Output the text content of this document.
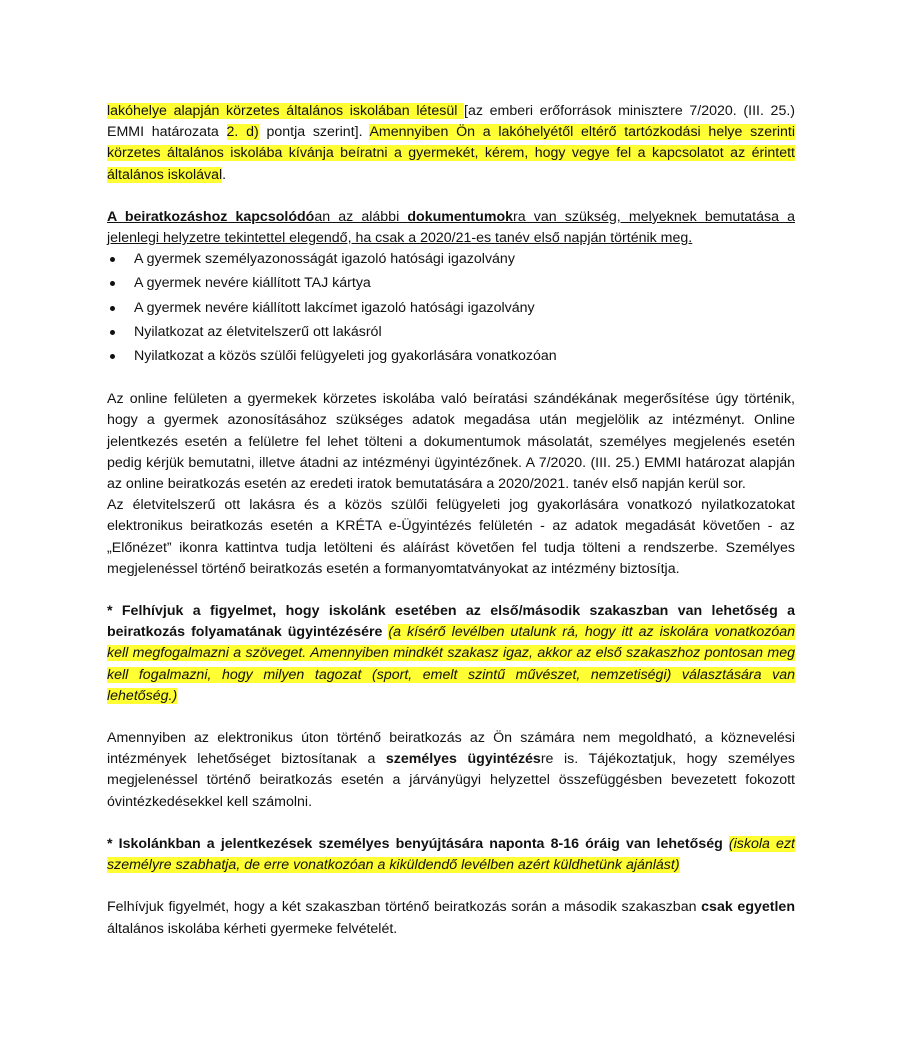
lakóhelye alapján körzetes általános iskolában létesül [az emberi erőforrások minisztere 7/2020. (III. 25.) EMMI határozata 2. d) pontja szerint]. Amennyiben Ön a lakóhelyétől eltérő tartózkodási helye szerinti körzetes általános iskolába kívánja beíratni a gyermekét, kérem, hogy vegye fel a kapcsolatot az érintett általános iskolával.

A beiratkozáshoz kapcsolódóan az alábbi dokumentumokra van szükség, melyeknek bemutatása a jelenlegi helyzetre tekintettel elegendő, ha csak a 2020/21-es tanév első napján történik meg.

A gyermek személyazonosságát igazoló hatósági igazolvány
A gyermek nevére kiállított TAJ kártya
A gyermek nevére kiállított lakcímet igazoló hatósági igazolvány
Nyilatkozat az életvitelszerű ott lakásról
Nyilatkozat a közös szülői felügyeleti jog gyakorlására vonatkozóan

Az online felületen a gyermekek körzetes iskolába való beíratási szándékának megerősítése úgy történik, hogy a gyermek azonosításához szükséges adatok megadása után megjelölik az intézményt. Online jelentkezés esetén a felületre fel lehet tölteni a dokumentumok másolatát, személyes megjelenés esetén pedig kérjük bemutatni, illetve átadni az intézményi ügyintézőnek. A 7/2020. (III. 25.) EMMI határozat alapján az online beiratkozás esetén az eredeti iratok bemutatására a 2020/2021. tanév első napján kerül sor.

Az életvitelszerű ott lakásra és a közös szülői felügyeleti jog gyakorlására vonatkozó nyilatkozatokat elektronikus beiratkozás esetén a KRÉTA e-Ügyintézés felületén - az adatok megadását követően - az „Előnézet” ikonra kattintva tudja letölteni és aláírást követően fel tudja tölteni a rendszerbe. Személyes megjelenéssel történő beiratkozás esetén a formanyomtatványokat az intézmény biztosítja.

* Felhívjuk a figyelmet, hogy iskolánk esetében az első/második szakaszban van lehetőség a beiratkozás folyamatának ügyintézésére (a kísérő levélben utalunk rá, hogy itt az iskolára vonatkozóan kell megfogalmazni a szöveget. Amennyiben mindkét szakasz igaz, akkor az első szakaszhoz pontosan meg kell fogalmazni, hogy milyen tagozat (sport, emelt szintű művészet, nemzetiségi) választására van lehetőség.)

Amennyiben az elektronikus úton történő beiratkozás az Ön számára nem megoldható, a köznevelési intézmények lehetőséget biztosítanak a személyes ügyintézésre is. Tájékoztatjuk, hogy személyes megjelenéssel történő beiratkozás esetén a járványügyi helyzettel összefüggésben bevezetett fokozott óvintézkedésekkel kell számolni.

* Iskolánkban a jelentkezések személyes benyújtására naponta 8-16 óráig van lehetőség (iskola ezt személyre szabhatja, de erre vonatkozóan a kiküldendő levélben azért küldhetünk ajánlást)

Felhívjuk figyelmét, hogy a két szakaszban történő beiratkozás során a második szakaszban csak egyetlen általános iskolába kérheti gyermeke felvételét.
